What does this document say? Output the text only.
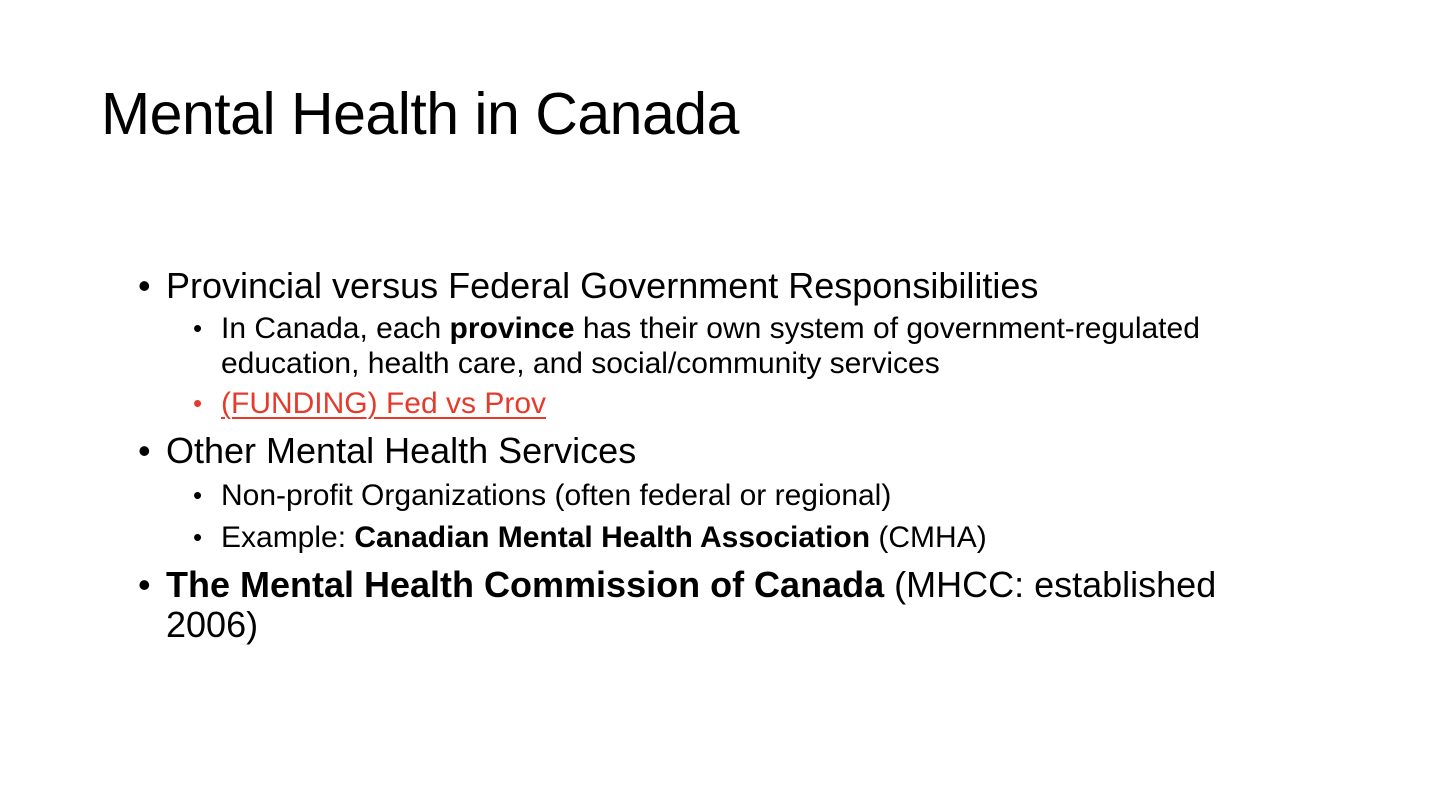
Mental Health in Canada
• Provincial versus Federal Government Responsibilities
• In Canada, each province has their own system of government-regulated education, health care, and social/community services
• (FUNDING) Fed vs Prov
• Other Mental Health Services
• Non-profit Organizations (often federal or regional)
• Example: Canadian Mental Health Association (CMHA)
• The Mental Health Commission of Canada (MHCC: established 2006)
